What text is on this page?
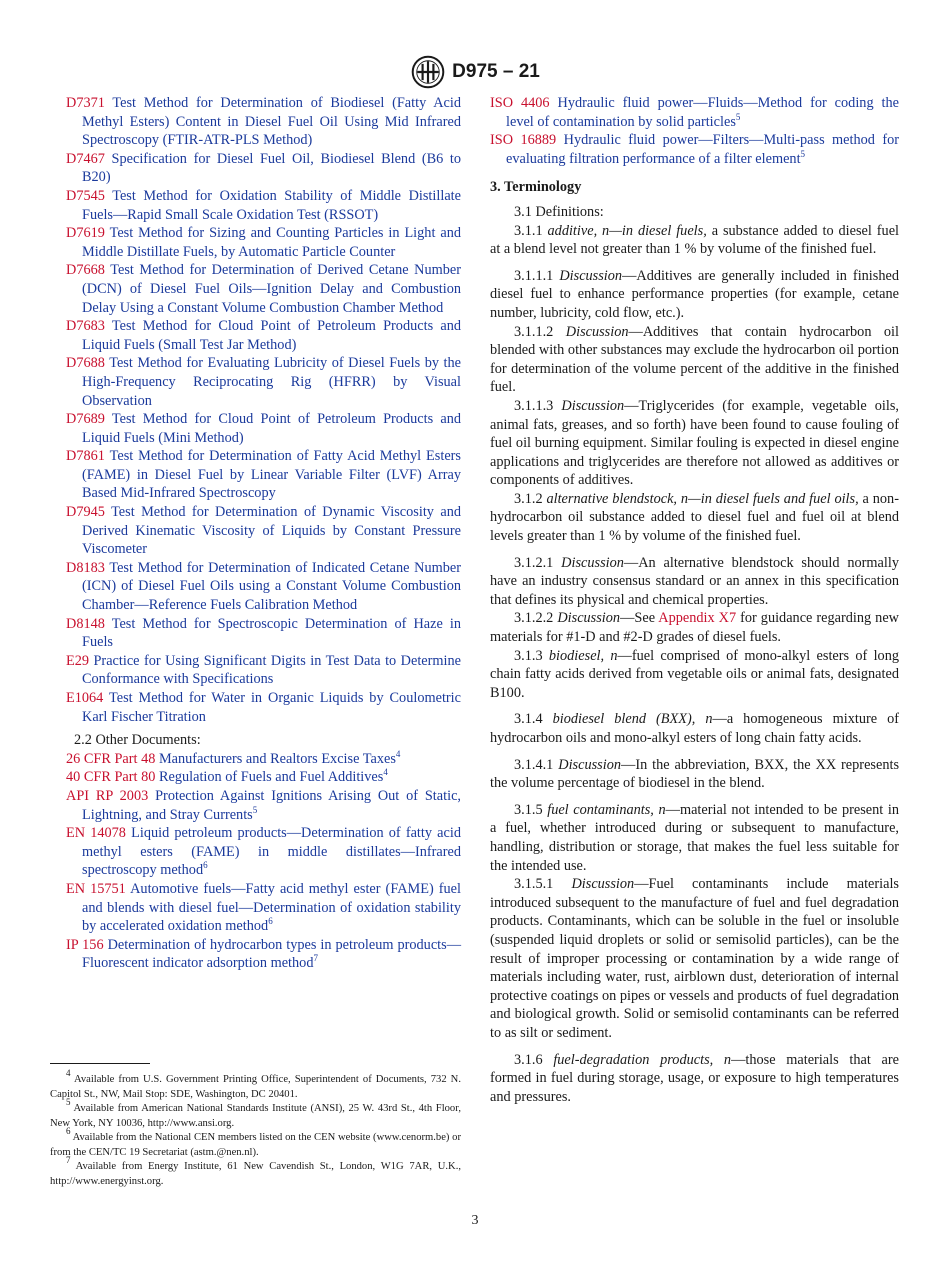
D975 – 21

D7371 Test Method for Determination of Biodiesel (Fatty Acid Methyl Esters) Content in Diesel Fuel Oil Using Mid Infrared Spectroscopy (FTIR-ATR-PLS Method)

D7467 Specification for Diesel Fuel Oil, Biodiesel Blend (B6 to B20)

D7545 Test Method for Oxidation Stability of Middle Distillate Fuels—Rapid Small Scale Oxidation Test (RSSOT)

D7619 Test Method for Sizing and Counting Particles in Light and Middle Distillate Fuels, by Automatic Particle Counter

D7668 Test Method for Determination of Derived Cetane Number (DCN) of Diesel Fuel Oils—Ignition Delay and Combustion Delay Using a Constant Volume Combustion Chamber Method

D7683 Test Method for Cloud Point of Petroleum Products and Liquid Fuels (Small Test Jar Method)

D7688 Test Method for Evaluating Lubricity of Diesel Fuels by the High-Frequency Reciprocating Rig (HFRR) by Visual Observation

D7689 Test Method for Cloud Point of Petroleum Products and Liquid Fuels (Mini Method)

D7861 Test Method for Determination of Fatty Acid Methyl Esters (FAME) in Diesel Fuel by Linear Variable Filter (LVF) Array Based Mid-Infrared Spectroscopy

D7945 Test Method for Determination of Dynamic Viscosity and Derived Kinematic Viscosity of Liquids by Constant Pressure Viscometer

D8183 Test Method for Determination of Indicated Cetane Number (ICN) of Diesel Fuel Oils using a Constant Volume Combustion Chamber—Reference Fuels Calibration Method

D8148 Test Method for Spectroscopic Determination of Haze in Fuels

E29 Practice for Using Significant Digits in Test Data to Determine Conformance with Specifications

E1064 Test Method for Water in Organic Liquids by Coulometric Karl Fischer Titration

2.2 Other Documents:

26 CFR Part 48 Manufacturers and Realtors Excise Taxes$^4$

40 CFR Part 80 Regulation of Fuels and Fuel Additives$^4$

API RP 2003 Protection Against Ignitions Arising Out of Static, Lightning, and Stray Currents$^5$

EN 14078 Liquid petroleum products—Determination of fatty acid methyl esters (FAME) in middle distillates—Infrared spectroscopy method$^6$

EN 15751 Automotive fuels—Fatty acid methyl ester (FAME) fuel and blends with diesel fuel—Determination of oxidation stability by accelerated oxidation method$^6$

IP 156 Determination of hydrocarbon types in petroleum products—Fluorescent indicator adsorption method$^7$

ISO 4406 Hydraulic fluid power—Fluids—Method for coding the level of contamination by solid particles$^5$

ISO 16889 Hydraulic fluid power—Filters—Multi-pass method for evaluating filtration performance of a filter element$^5$

3. Terminology

3.1 Definitions:

3.1.1 additive, n—in diesel fuels, a substance added to diesel fuel at a blend level not greater than 1 % by volume of the finished fuel.

3.1.1.1 Discussion—Additives are generally included in finished diesel fuel to enhance performance properties (for example, cetane number, lubricity, cold flow, etc.).

3.1.1.2 Discussion—Additives that contain hydrocarbon oil blended with other substances may exclude the hydrocarbon oil portion for determination of the volume percent of the additive in the finished fuel.

3.1.1.3 Discussion—Triglycerides (for example, vegetable oils, animal fats, greases, and so forth) have been found to cause fouling of fuel oil burning equipment. Similar fouling is expected in diesel engine applications and triglycerides are therefore not allowed as additives or components of additives.

3.1.2 alternative blendstock, n—in diesel fuels and fuel oils, a non-hydrocarbon oil substance added to diesel fuel and fuel oil at blend levels greater than 1 % by volume of the finished fuel.

3.1.2.1 Discussion—An alternative blendstock should normally have an industry consensus standard or an annex in this specification that defines its physical and chemical properties.

3.1.2.2 Discussion—See Appendix X7 for guidance regarding new materials for #1-D and #2-D grades of diesel fuels.

3.1.3 biodiesel, n—fuel comprised of mono-alkyl esters of long chain fatty acids derived from vegetable oils or animal fats, designated B100.

3.1.4 biodiesel blend (BXX), n—a homogeneous mixture of hydrocarbon oils and mono-alkyl esters of long chain fatty acids.

3.1.4.1 Discussion—In the abbreviation, BXX, the XX represents the volume percentage of biodiesel in the blend.

3.1.5 fuel contaminants, n—material not intended to be present in a fuel, whether introduced during or subsequent to manufacture, handling, distribution or storage, that makes the fuel less suitable for the intended use.

3.1.5.1 Discussion—Fuel contaminants include materials introduced subsequent to the manufacture of fuel and fuel degradation products. Contaminants, which can be soluble in the fuel or insoluble (suspended liquid droplets or solid or semisolid particles), can be the result of improper processing or contamination by a wide range of materials including water, rust, airblown dust, deterioration of internal protective coatings on pipes or vessels and products of fuel degradation and biological growth. Solid or semisolid contaminants can be referred to as silt or sediment.

3.1.6 fuel-degradation products, n—those materials that are formed in fuel during storage, usage, or exposure to high temperatures and pressures.

$^4$ Available from U.S. Government Printing Office, Superintendent of Documents, 732 N. Capitol St., NW, Mail Stop: SDE, Washington, DC 20401.

$^5$ Available from American National Standards Institute (ANSI), 25 W. 43rd St., 4th Floor, New York, NY 10036, http://www.ansi.org.

$^6$ Available from the National CEN members listed on the CEN website (www.cenorm.be) or from the CEN/TC 19 Secretariat (astm.@nen.nl).

$^7$ Available from Energy Institute, 61 New Cavendish St., London, W1G 7AR, U.K., http://www.energyinst.org.

3
